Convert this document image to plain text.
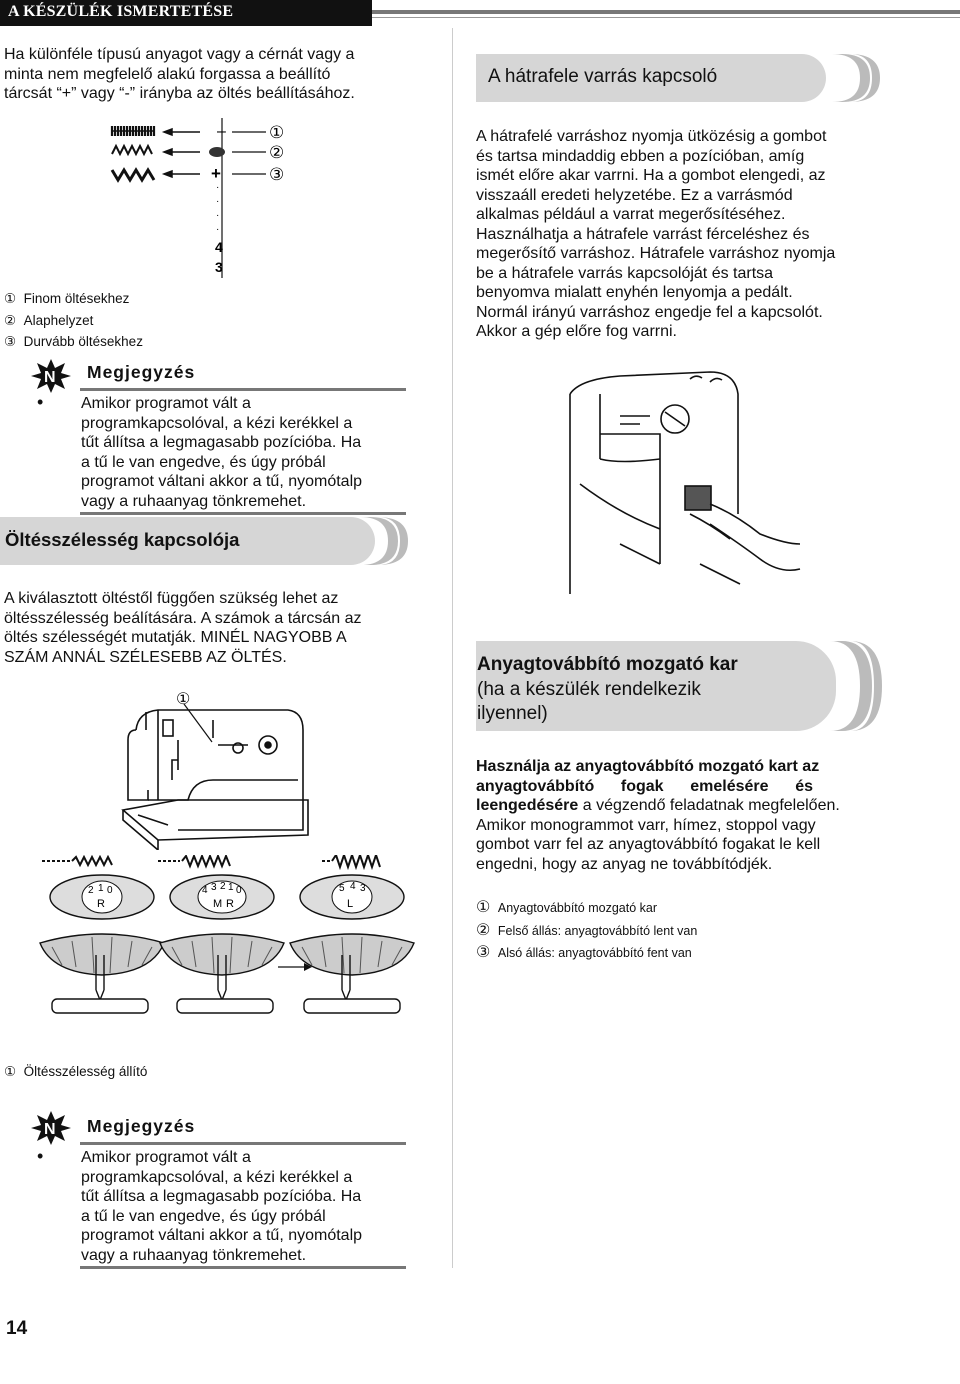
A KÉSZÜLÉK ISMERTETÉSE
Ha különféle típusú anyagot vagy a cérnát vagy a
minta nem megfelelő alakú forgassa a beállító
tárcsát “+” vagy “-” irányba az öltés beállításához.
–
+
·
·
·
·
4
3
①
②
③
① Finom öltésekhez
② Alaphelyzet
③ Durvább öltésekhez
N Megjegyzés
• Amikor programot vált a
programkapcsolóval, a kézi kerékkel a
tűt állítsa a legmagasabb pozícióba. Ha
a tű le van engedve, és úgy próbál
programot váltani akkor a tű, nyomótalp
vagy a ruhaanyag tönkremehet.
Öltésszélesség kapcsolója
A kiválasztott öltéstől függően szükség lehet az
öltésszélesség beálítására. A számok a tárcsán az
öltés szélességét mutatják. MINÉL NAGYOBB A
SZÁM ANNÁL SZÉLESEBB AZ ÖLTÉS.
①
2 1 0
R
4 3 2 1 0
M R
5 4 3
L
① Öltésszélesség állító
N Megjegyzés
• Amikor programot vált a
programkapcsolóval, a kézi kerékkel a
tűt állítsa a legmagasabb pozícióba. Ha
a tű le van engedve, és úgy próbál
programot váltani akkor a tű, nyomótalp
vagy a ruhaanyag tönkremehet.
14
A hátrafele varrás kapcsoló
A hátrafelé varráshoz nyomja ütközésig a gombot
és tartsa mindaddig ebben a pozícióban, amíg
ismét előre akar varrni. Ha a gombot elengedi, az
visszaáll eredeti helyzetébe. Ez a varrásmód
alkalmas például a varrat megerősítéséhez.
Használhatja a hátrafele varrást férceléshez és
megerősítő varráshoz. Hátrafele varráshoz nyomja
be a hátrafele varrás kapcsolóját és tartsa
benyomva mialatt enyhén lenyomja a pedált.
Normál irányú varráshoz engedje fel a kapcsolót.
Akkor a gép előre fog varrni.
Anyagtovábbító mozgató kar
(ha a készülék rendelkezik
ilyennel)
Használja az anyagtovábbító mozgató kart az
anyagtovábbító      fogak      emelésére      és
leengedésére a végzendő feladatnak megfelelően.
Amikor monogrammot varr, hímez, stoppol vagy
gombot varr fel az anyagtovábbító fogakat le kell
engedni, hogy az anyag ne továbbítódjék.
① Anyagtovábbító mozgató kar
② Felső állás: anyagtovábbító lent van
③ Alsó állás: anyagtovábbító fent van
